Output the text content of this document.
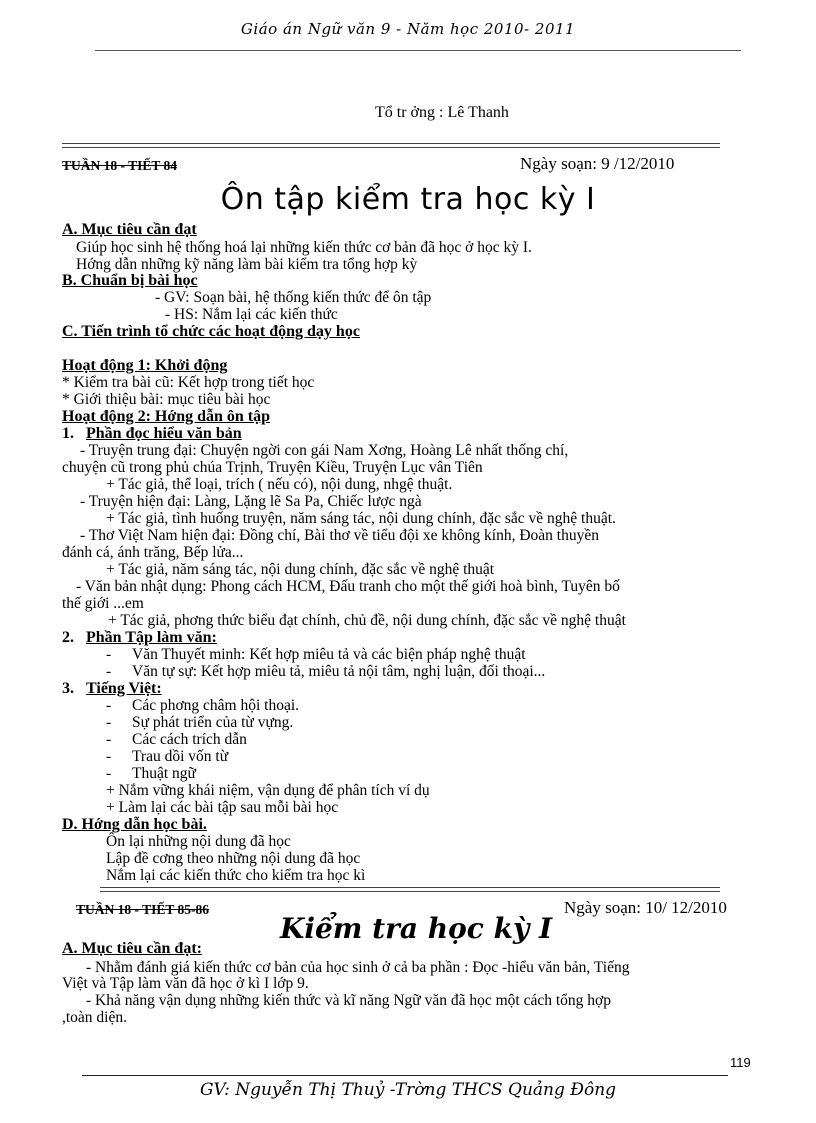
Giáo án Ngữ văn 9 - Năm học 2010- 2011
Tổ tr ởng : Lê Thanh
TUẦN 18 - TIẾT 84	Ngày soạn: 9 /12/2010
Ôn tập kiểm tra học kỳ I
A. Mục tiêu cần đạt
Giúp học sinh hệ thống hoá lại những kiến thức cơ bản đã học ở học kỳ I.
Hớng dẫn những kỹ năng làm bài kiểm tra tổng hợp kỳ
B. Chuẩn bị bài học
- GV: Soạn bài, hệ thống kiến thức để ôn tập
- HS: Nắm lại các kiến thức
C. Tiến trình tổ chức các hoạt động dạy học
Hoạt động 1: Khởi động
* Kiểm tra bài cũ: Kết hợp trong tiết học
* Giới thiệu bài: mục tiêu bài học
Hoạt động 2: Hớng dẫn ôn tập
1. Phần đọc hiểu văn bản
- Truyện trung đại: Chuyện ngời con gái Nam Xơng, Hoàng Lê nhất thống chí,
chuyện cũ trong phủ chúa Trịnh, Truyện Kiều, Truyện Lục vân Tiên
+ Tác giả, thể loại, trích ( nếu có), nội dung, nhgệ thuật.
- Truyện hiện đại: Làng, Lặng lẽ Sa Pa, Chiếc lược ngà
+ Tác giả, tình huống truyện, năm sáng tác, nội dung chính, đặc sắc về nghệ thuật.
- Thơ Việt Nam hiện đại: Đồng chí, Bài thơ về tiểu đội xe không kính, Đoàn thuyền
đánh cá, ánh trăng, Bếp lửa...
+ Tác giả, năm sáng tác, nội dung chính, đặc sắc về nghệ thuật
- Văn bản nhật dụng: Phong cách HCM, Đấu tranh cho một thế giới hoà bình, Tuyên bố
thế giới ...em
+ Tác giả, phơng thức biểu đạt chính, chủ đề, nội dung chính, đặc sắc về nghệ thuật
2. Phần Tập làm văn:
- Văn Thuyết minh: Kết hợp miêu tả và các biện pháp nghệ thuật
- Văn tự sự: Kết hợp miêu tả, miêu tả nội tâm, nghị luận, đối thoại...
3. Tiếng Việt:
- Các phơng châm hội thoại.
- Sự phát triển của từ vựng.
- Các cách trích dẫn
- Trau dồi vốn từ
- Thuật ngữ
+ Nắm vững khái niệm, vận dụng để phân tích ví dụ
+ Làm lại các bài tập sau mỗi bài học
D. Hớng dẫn học bài.
Ôn lại những nội dung đã học
Lập đề cơng theo những nội dung đã học
Nắm lại các kiến thức cho kiểm tra học kì
TUẦN 18 - TIẾT 85-86	Ngày soạn: 10/ 12/2010
Kiểm tra học kỳ I
A. Mục tiêu cần đạt:
- Nhằm đánh giá kiến thức cơ bản của học sinh ở cả ba phần : Đọc -hiểu văn bản, Tiếng
Việt và Tập làm văn đã học ở kì I lớp 9.
- Khả năng vận dụng những kiến thức và kĩ năng Ngữ văn đã học một cách tổng hợp
,toàn diện.
119
GV: Nguyễn Thị Thuỷ -Trờng THCS Quảng Đông
